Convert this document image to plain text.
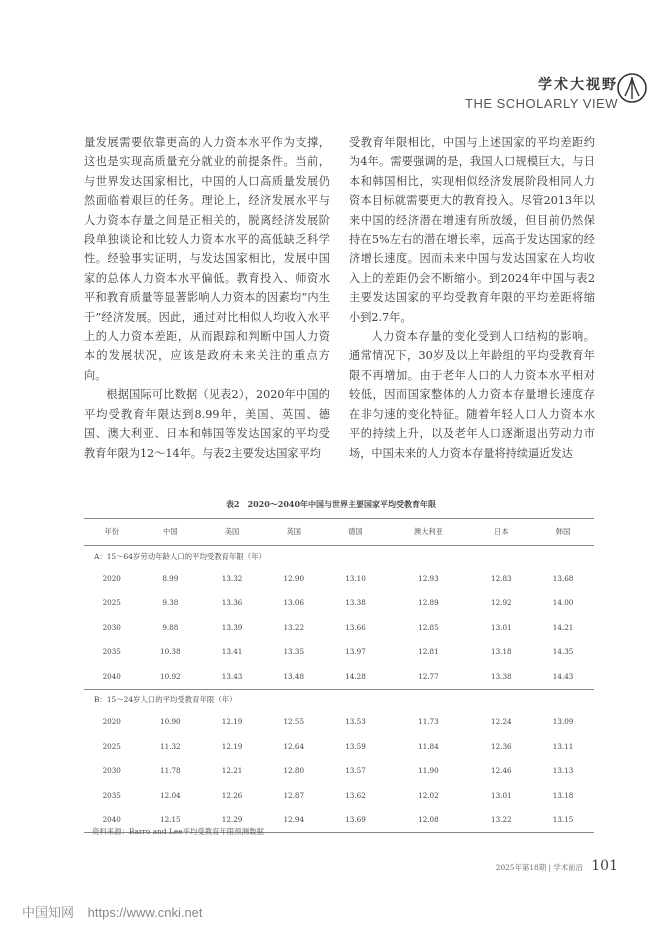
学术大视野
THE SCHOLARLY VIEW

量发展需要依靠更高的人力资本水平作为支撑，这也是实现高质量充分就业的前提条件。当前，与世界发达国家相比，中国的人口高质量发展仍然面临着艰巨的任务。理论上，经济发展水平与人力资本存量之间是正相关的，脱离经济发展阶段单独谈论和比较人力资本水平的高低缺乏科学性。经验事实证明，与发达国家相比，发展中国家的总体人力资本水平偏低。教育投入、师资水平和教育质量等显著影响人力资本的因素均“内生于”经济发展。因此，通过对比相似人均收入水平上的人力资本差距，从而跟踪和判断中国人力资本的发展状况，应该是政府未来关注的重点方向。

根据国际可比数据（见表2），2020年中国的平均受教育年限达到8.99年，美国、英国、德国、澳大利亚、日本和韩国等发达国家的平均受教育年限为12～14年。与表2主要发达国家平均

受教育年限相比，中国与上述国家的平均差距约为4年。需要强调的是，我国人口规模巨大，与日本和韩国相比，实现相似经济发展阶段相同人力资本目标就需要更大的教育投入。尽管2013年以来中国的经济潜在增速有所放缓，但目前仍然保持在5%左右的潜在增长率，远高于发达国家的经济增长速度。因而未来中国与发达国家在人均收入上的差距仍会不断缩小。到2024年中国与表2主要发达国家的平均受教育年限的平均差距将缩小到2.7年。

人力资本存量的变化受到人口结构的影响。通常情况下，30岁及以上年龄组的平均受教育年限不再增加。由于老年人口的人力资本水平相对较低，因而国家整体的人力资本存量增长速度存在非匀速的变化特征。随着年轻人口人力资本水平的持续上升，以及老年人口逐渐退出劳动力市场，中国未来的人力资本存量将持续逼近发达

表2　2020～2040年中国与世界主要国家平均受教育年限
年份	中国	美国	英国	德国	澳大利亚	日本	韩国
A：15～64岁劳动年龄人口的平均受教育年限（年）							
2020	8.99	13.32	12.90	13.10	12.93	12.83	13.68
2025	9.38	13.36	13.06	13.38	12.89	12.92	14.00
2030	9.88	13.39	13.22	13.66	12.85	13.01	14.21
2035	10.38	13.41	13.35	13.97	12.81	13.18	14.35
2040	10.92	13.43	13.48	14.28	12.77	13.38	14.43
B：15～24岁人口的平均受教育年限（年）							
2020	10.90	12.19	12.55	13.53	11.73	12.24	13.09
2025	11.32	12.19	12.64	13.59	11.84	12.36	13.11
2030	11.78	12.21	12.80	13.57	11.90	12.46	13.13
2035	12.04	12.26	12.87	13.62	12.02	13.01	13.18
2040	12.15	12.29	12.94	13.69	12.08	13.22	13.15
资料来源：Barro and Lee平均受教育年限预测数据
2025年第18期 | 学术前沿 101
中国知网 https://www.cnki.net
